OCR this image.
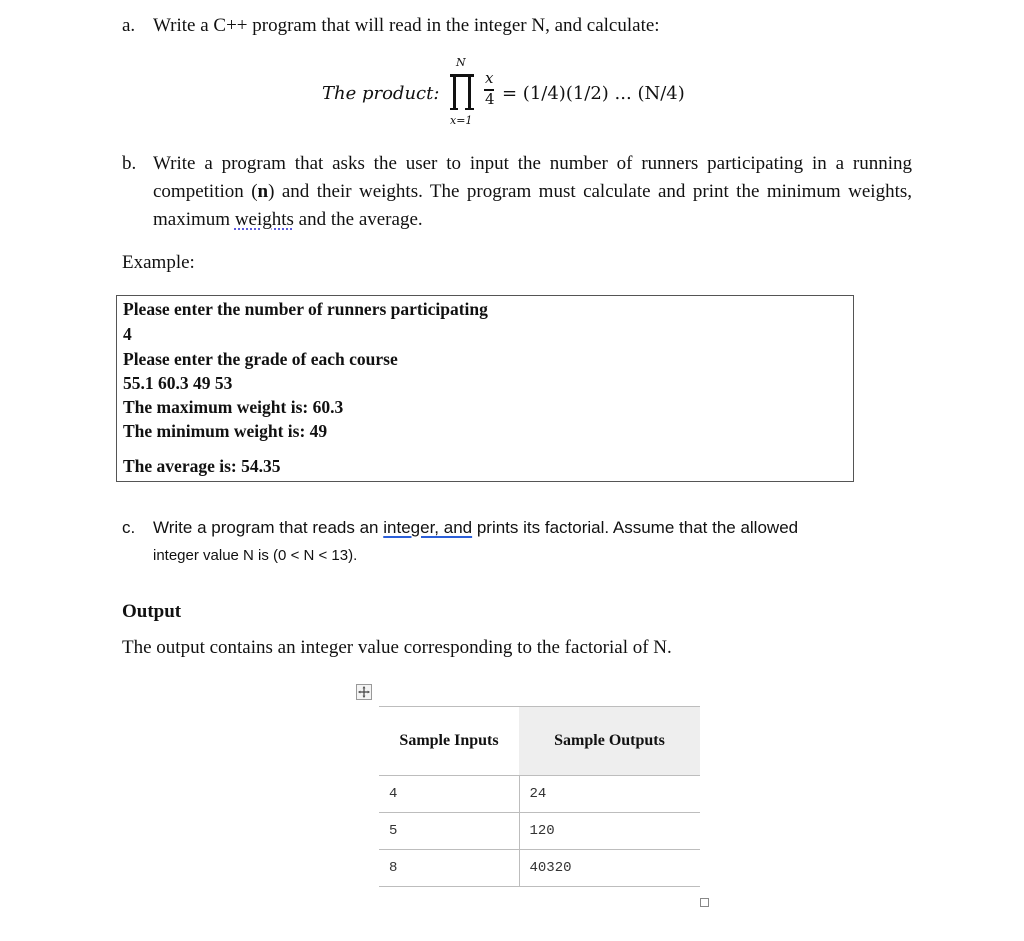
a. Write a C++ program that will read in the integer N, and calculate:
The product:
N
x=1
x
4 = (1/4)(1/2) ... (N/4)
b. Write a program that asks the user to input the number of runners participating in a running competition (n) and their weights. The program must calculate and print the minimum weights, maximum weights and the average.
Example:
Please enter the number of runners participating
4
Please enter the grade of each course
55.1 60.3 49 53
The maximum weight is: 60.3
The minimum weight is: 49
The average is: 54.35
c. Write a program that reads an integer, and prints its factorial. Assume that the allowed
integer value N is (0 < N < 13).
Output
The output contains an integer value corresponding to the factorial of N.
Sample Inputs	Sample Outputs
4	24
5	120
8	40320
